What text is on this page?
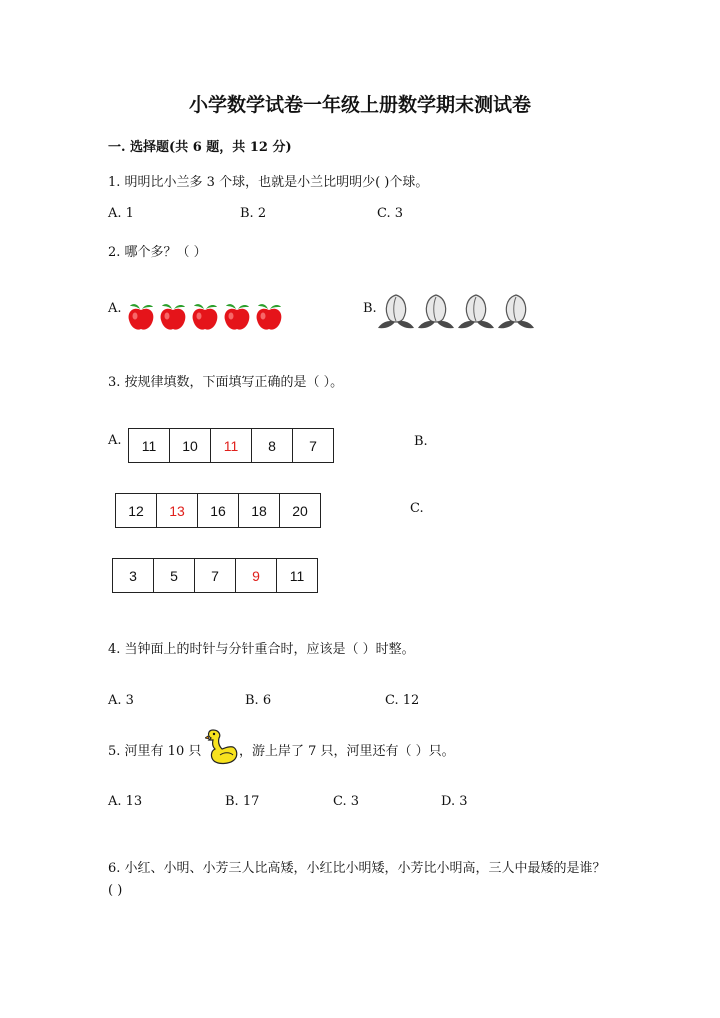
小学数学试卷一年级上册数学期末测试卷
一. 选择题(共 6 题，共 12 分)
1. 明明比小兰多 3 个球，也就是小兰比明明少( )个球。
A. 1	B. 2	C. 3
2. 哪个多？（ ）
A.	B.
3. 按规律填数，下面填写正确的是（ ）。
A.	11	10	11	8	7	B.
12	13	16	18	20	C.
3	5	7	9	11
4. 当钟面上的时针与分针重合时，应该是（ ）时整。
A. 3	B. 6	C. 12
5. 河里有 10 只	，游上岸了 7 只，河里还有（ ）只。
A. 13	B. 17	C. 3	D. 3
6. 小红、小明、小芳三人比高矮，小红比小明矮，小芳比小明高，三人中最矮的是谁？( )
